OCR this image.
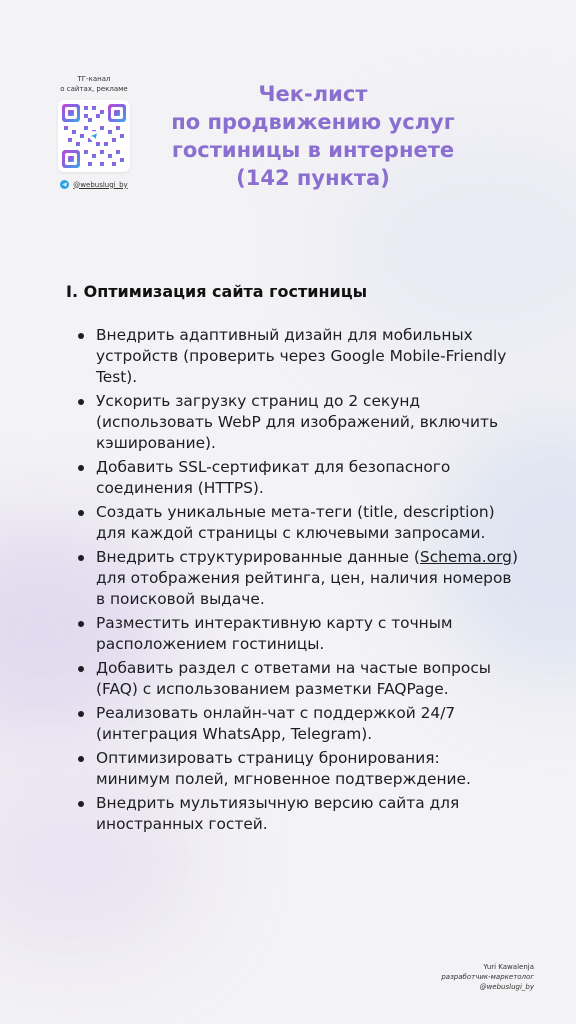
ТГ-канал
о сайтах, рекламе
@webuslugi_by
Чек-лист
по продвижению услуг
гостиницы в интернете
(142 пункта)
I. Оптимизация сайта гостиницы
Внедрить адаптивный дизайн для мобильных устройств (проверить через Google Mobile-Friendly Test).
Ускорить загрузку страниц до 2 секунд (использовать WebP для изображений, включить кэширование).
Добавить SSL-сертификат для безопасного соединения (HTTPS).
Создать уникальные мета-теги (title, description) для каждой страницы с ключевыми запросами.
Внедрить структурированные данные (Schema.org) для отображения рейтинга, цен, наличия номеров в поисковой выдаче.
Разместить интерактивную карту с точным расположением гостиницы.
Добавить раздел с ответами на частые вопросы (FAQ) с использованием разметки FAQPage.
Реализовать онлайн-чат с поддержкой 24/7 (интеграция WhatsApp, Telegram).
Оптимизировать страницу бронирования: минимум полей, мгновенное подтверждение.
Внедрить мультиязычную версию сайта для иностранных гостей.
Yuri Kawalenja
разработчик-маркетолог
@webuslugi_by
